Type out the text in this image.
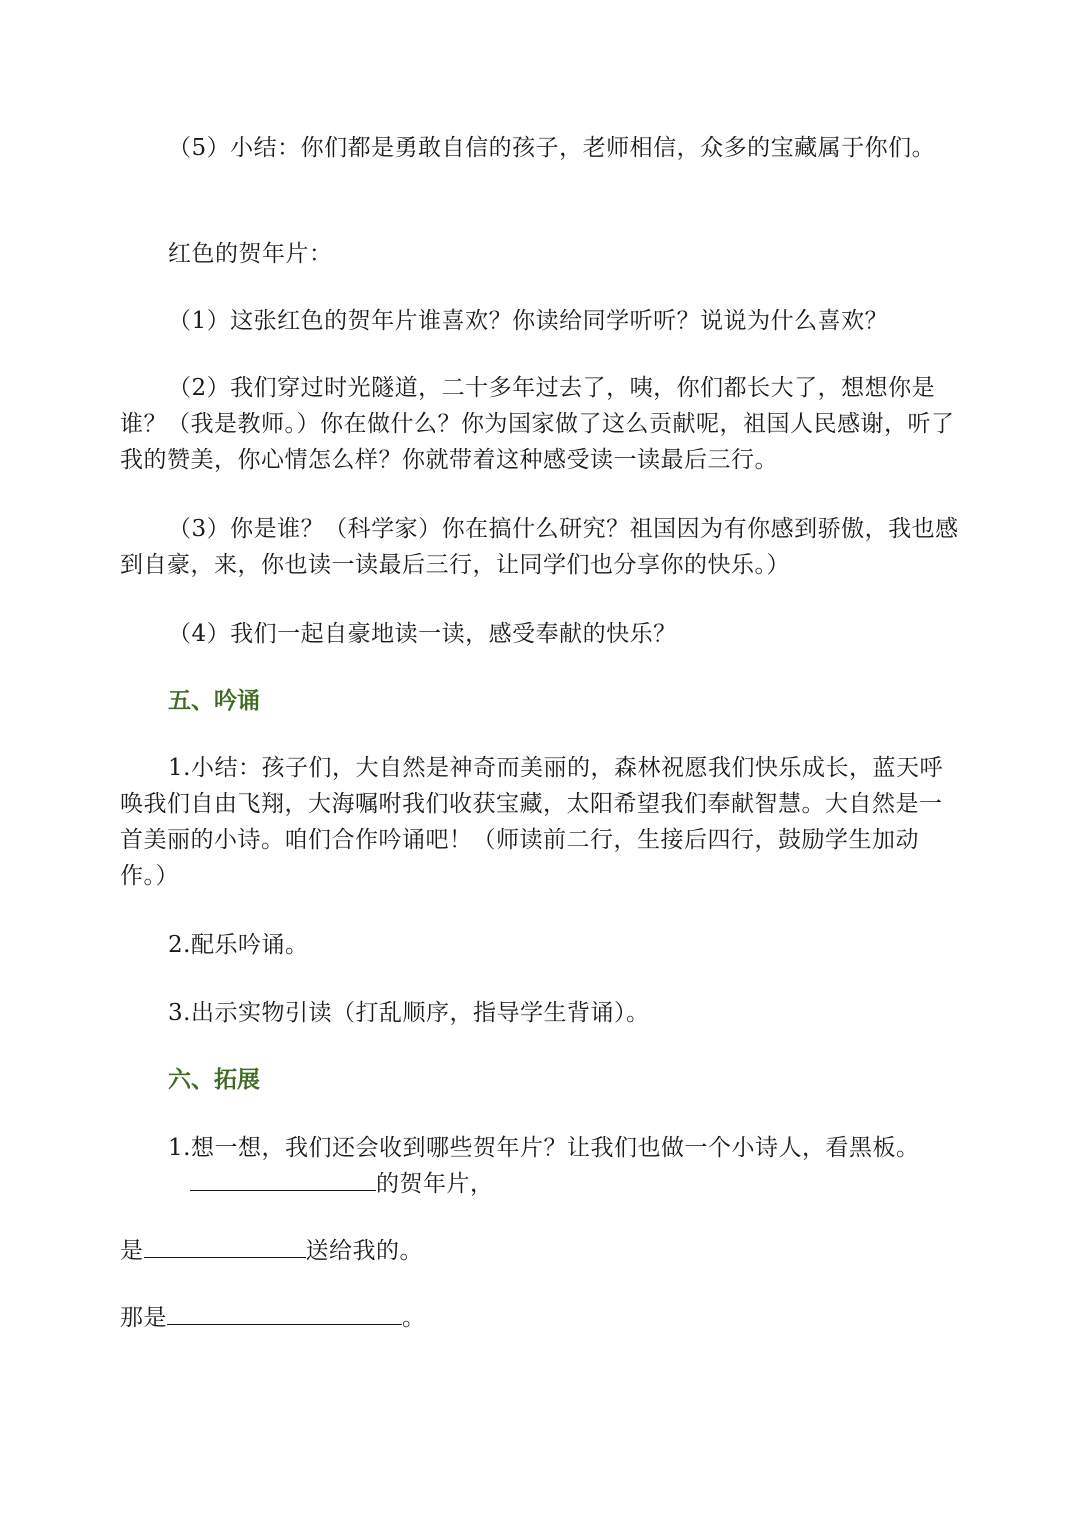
（5）小结：你们都是勇敢自信的孩子，老师相信，众多的宝藏属于你们。

红色的贺年片：

（1）这张红色的贺年片谁喜欢？你读给同学听听？说说为什么喜欢？

（2）我们穿过时光隧道，二十多年过去了，咦，你们都长大了，想想你是谁？（我是教师。）你在做什么？你为国家做了这么贡献呢，祖国人民感谢，听了我的赞美，你心情怎么样？你就带着这种感受读一读最后三行。

（3）你是谁？（科学家）你在搞什么研究？祖国因为有你感到骄傲，我也感到自豪，来，你也读一读最后三行，让同学们也分享你的快乐。）

（4）我们一起自豪地读一读，感受奉献的快乐？

五、吟诵

1.小结：孩子们，大自然是神奇而美丽的，森林祝愿我们快乐成长，蓝天呼唤我们自由飞翔，大海嘱咐我们收获宝藏，太阳希望我们奉献智慧。大自然是一首美丽的小诗。咱们合作吟诵吧！（师读前二行，生接后四行，鼓励学生加动作。）

2.配乐吟诵。

3.出示实物引读（打乱顺序，指导学生背诵）。

六、拓展

1.想一想，我们还会收到哪些贺年片？让我们也做一个小诗人，看黑板。的贺年片，

是	送给我的。

那是	。
